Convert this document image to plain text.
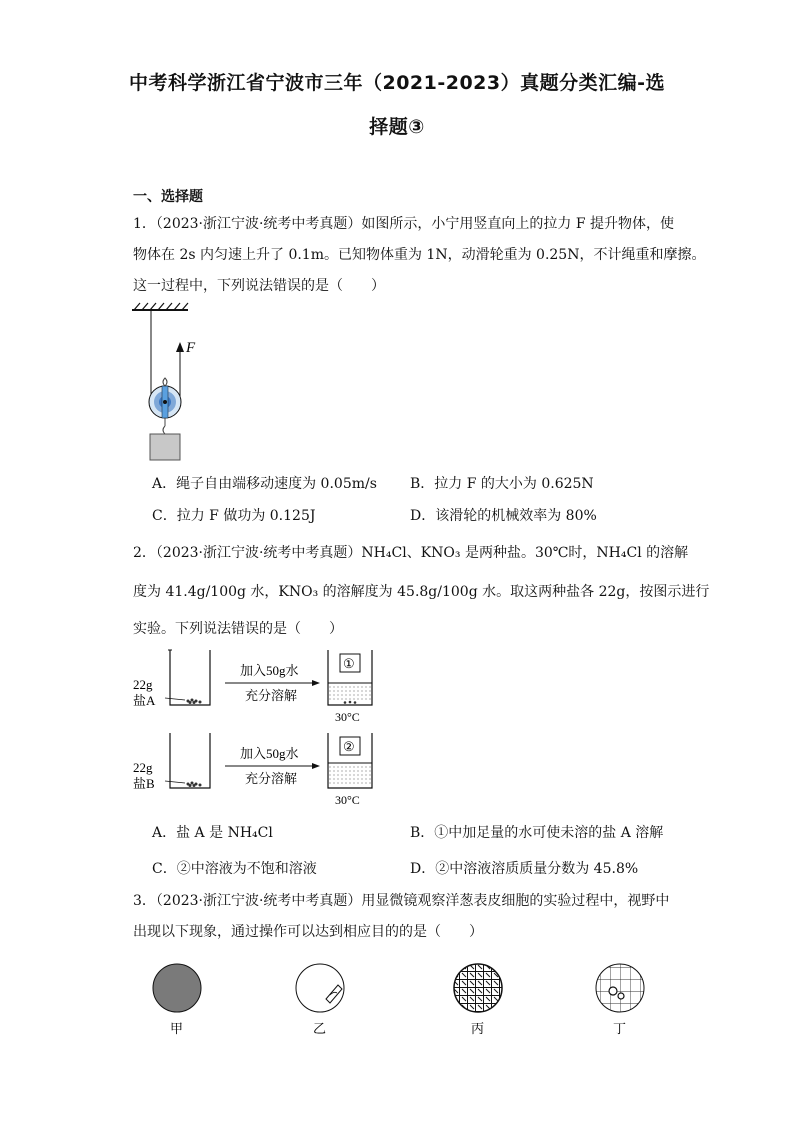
中考科学浙江省宁波市三年（2021-2023）真题分类汇编-选
择题③
一、选择题
1．（2023·浙江宁波·统考中考真题）如图所示，小宁用竖直向上的拉力 F 提升物体，使
物体在 2s 内匀速上升了 0.1m。已知物体重为 1N，动滑轮重为 0.25N，不计绳重和摩擦。
这一过程中，下列说法错误的是（　　）
F
A．绳子自由端移动速度为 0.05m/s B．拉力 F 的大小为 0.625N
C．拉力 F 做功为 0.125J	D．该滑轮的机械效率为 80%
2．（2023·浙江宁波·统考中考真题）NH₄Cl、KNO₃ 是两种盐。30℃时，NH₄Cl 的溶解
度为 41.4g/100g 水，KNO₃ 的溶解度为 45.8g/100g 水。取这两种盐各 22g，按图示进行
实验。下列说法错误的是（　　）
22g
盐A
加入50g水
充分溶解
①
30°C
22g
盐B
加入50g水
充分溶解
②
30°C
A．盐 A 是 NH₄Cl	B．①中加足量的水可使未溶的盐 A 溶解
C．②中溶液为不饱和溶液	D．②中溶液溶质质量分数为 45.8%
3．（2023·浙江宁波·统考中考真题）用显微镜观察洋葱表皮细胞的实验过程中，视野中
出现以下现象，通过操作可以达到相应目的的是（　　）
甲	乙	丙	丁
